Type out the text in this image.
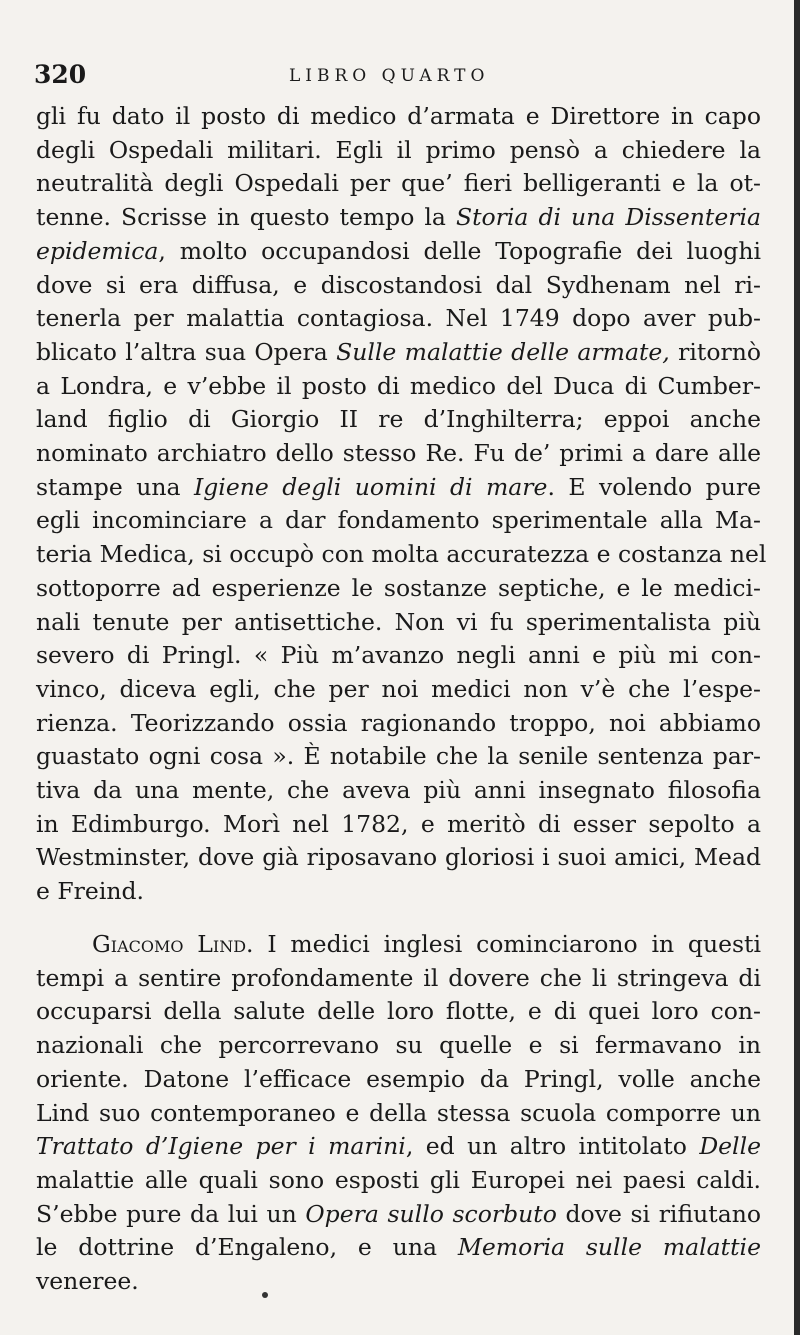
320	LIBRO QUARTO
gli fu dato il posto di medico d’armata e Direttore in capo
degli Ospedali militari. Egli il primo pensò a chiedere la
neutralità degli Ospedali per que’ fieri belligeranti e la ot-
tenne. Scrisse in questo tempo la Storia di una Dissenteria
epidemica, molto occupandosi delle Topografie dei luoghi
dove si era diffusa, e discostandosi dal Sydhenam nel ri-
tenerla per malattia contagiosa. Nel 1749 dopo aver pub-
blicato l’altra sua Opera Sulle malattie delle armate, ritornò
a Londra, e v’ebbe il posto di medico del Duca di Cumber-
land figlio di Giorgio II re d’Inghilterra; eppoi anche
nominato archiatro dello stesso Re. Fu de’ primi a dare alle
stampe una Igiene degli uomini di mare. E volendo pure
egli incominciare a dar fondamento sperimentale alla Ma-
teria Medica, si occupò con molta accuratezza e costanza nel
sottoporre ad esperienze le sostanze septiche, e le medici-
nali tenute per antisettiche. Non vi fu sperimentalista più
severo di Pringl. « Più m’avanzo negli anni e più mi con-
vinco, diceva egli, che per noi medici non v’è che l’espe-
rienza. Teorizzando ossia ragionando troppo, noi abbiamo
guastato ogni cosa ». È notabile che la senile sentenza par-
tiva da una mente, che aveva più anni insegnato filosofia
in Edimburgo. Morì nel 1782, e meritò di esser sepolto a
Westminster, dove già riposavano gloriosi i suoi amici, Mead
e Freind.
Giacomo Lind. I medici inglesi cominciarono in questi
tempi a sentire profondamente il dovere che li stringeva di
occuparsi della salute delle loro flotte, e di quei loro con-
nazionali che percorrevano su quelle e si fermavano in
oriente. Datone l’efficace esempio da Pringl, volle anche
Lind suo contemporaneo e della stessa scuola comporre un
Trattato d’Igiene per i marini, ed un altro intitolato Delle
malattie alle quali sono esposti gli Europei nei paesi caldi.
S’ebbe pure da lui un Opera sullo scorbuto dove si rifiutano
le dottrine d’Engaleno, e una Memoria sulle malattie
veneree.
